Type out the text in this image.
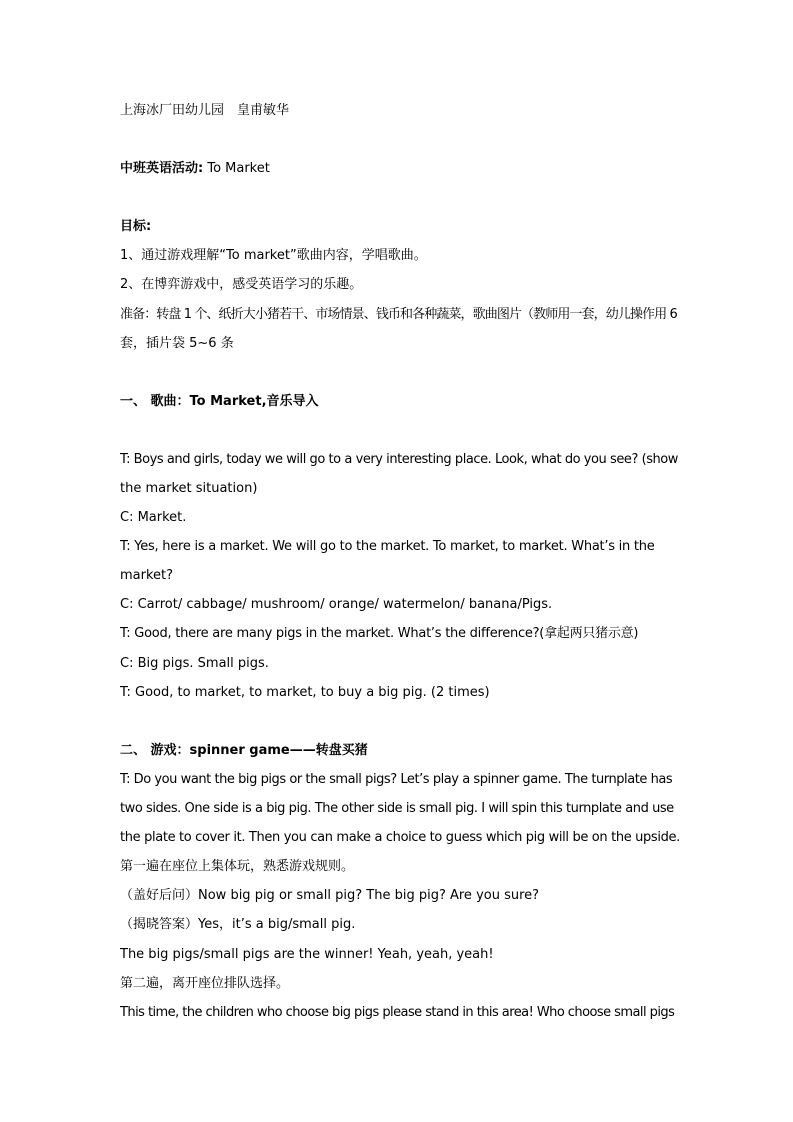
上海冰厂田幼儿园　皇甫敏华
中班英语活动: To Market
目标:
1、通过游戏理解“To market”歌曲内容，学唱歌曲。
2、在博弈游戏中，感受英语学习的乐趣。
准备：转盘 1 个、纸折大小猪若干、市场情景、钱币和各种蔬菜，歌曲图片（教师用一套，幼儿操作用 6
套，插片袋 5~6 条
一、 歌曲：To Market,音乐导入
T: Boys and girls, today we will go to a very interesting place. Look, what do you see? (show
the market situation)
C: Market.
T: Yes, here is a market. We will go to the market. To market, to market. What’s in the
market?
C: Carrot/ cabbage/ mushroom/ orange/ watermelon/ banana/Pigs.
T: Good, there are many pigs in the market. What’s the difference?(拿起两只猪示意)
C: Big pigs. Small pigs.
T: Good, to market, to market, to buy a big pig. (2 times)
二、 游戏：spinner game——转盘买猪
T: Do you want the big pigs or the small pigs? Let’s play a spinner game. The turnplate has
two sides. One side is a big pig. The other side is small pig. I will spin this turnplate and use
the plate to cover it. Then you can make a choice to guess which pig will be on the upside.
第一遍在座位上集体玩，熟悉游戏规则。
（盖好后问）Now big pig or small pig? The big pig? Are you sure?
（揭晓答案）Yes，it’s a big/small pig.
The big pigs/small pigs are the winner! Yeah, yeah, yeah!
第二遍，离开座位排队选择。
This time, the children who choose big pigs please stand in this area! Who choose small pigs
